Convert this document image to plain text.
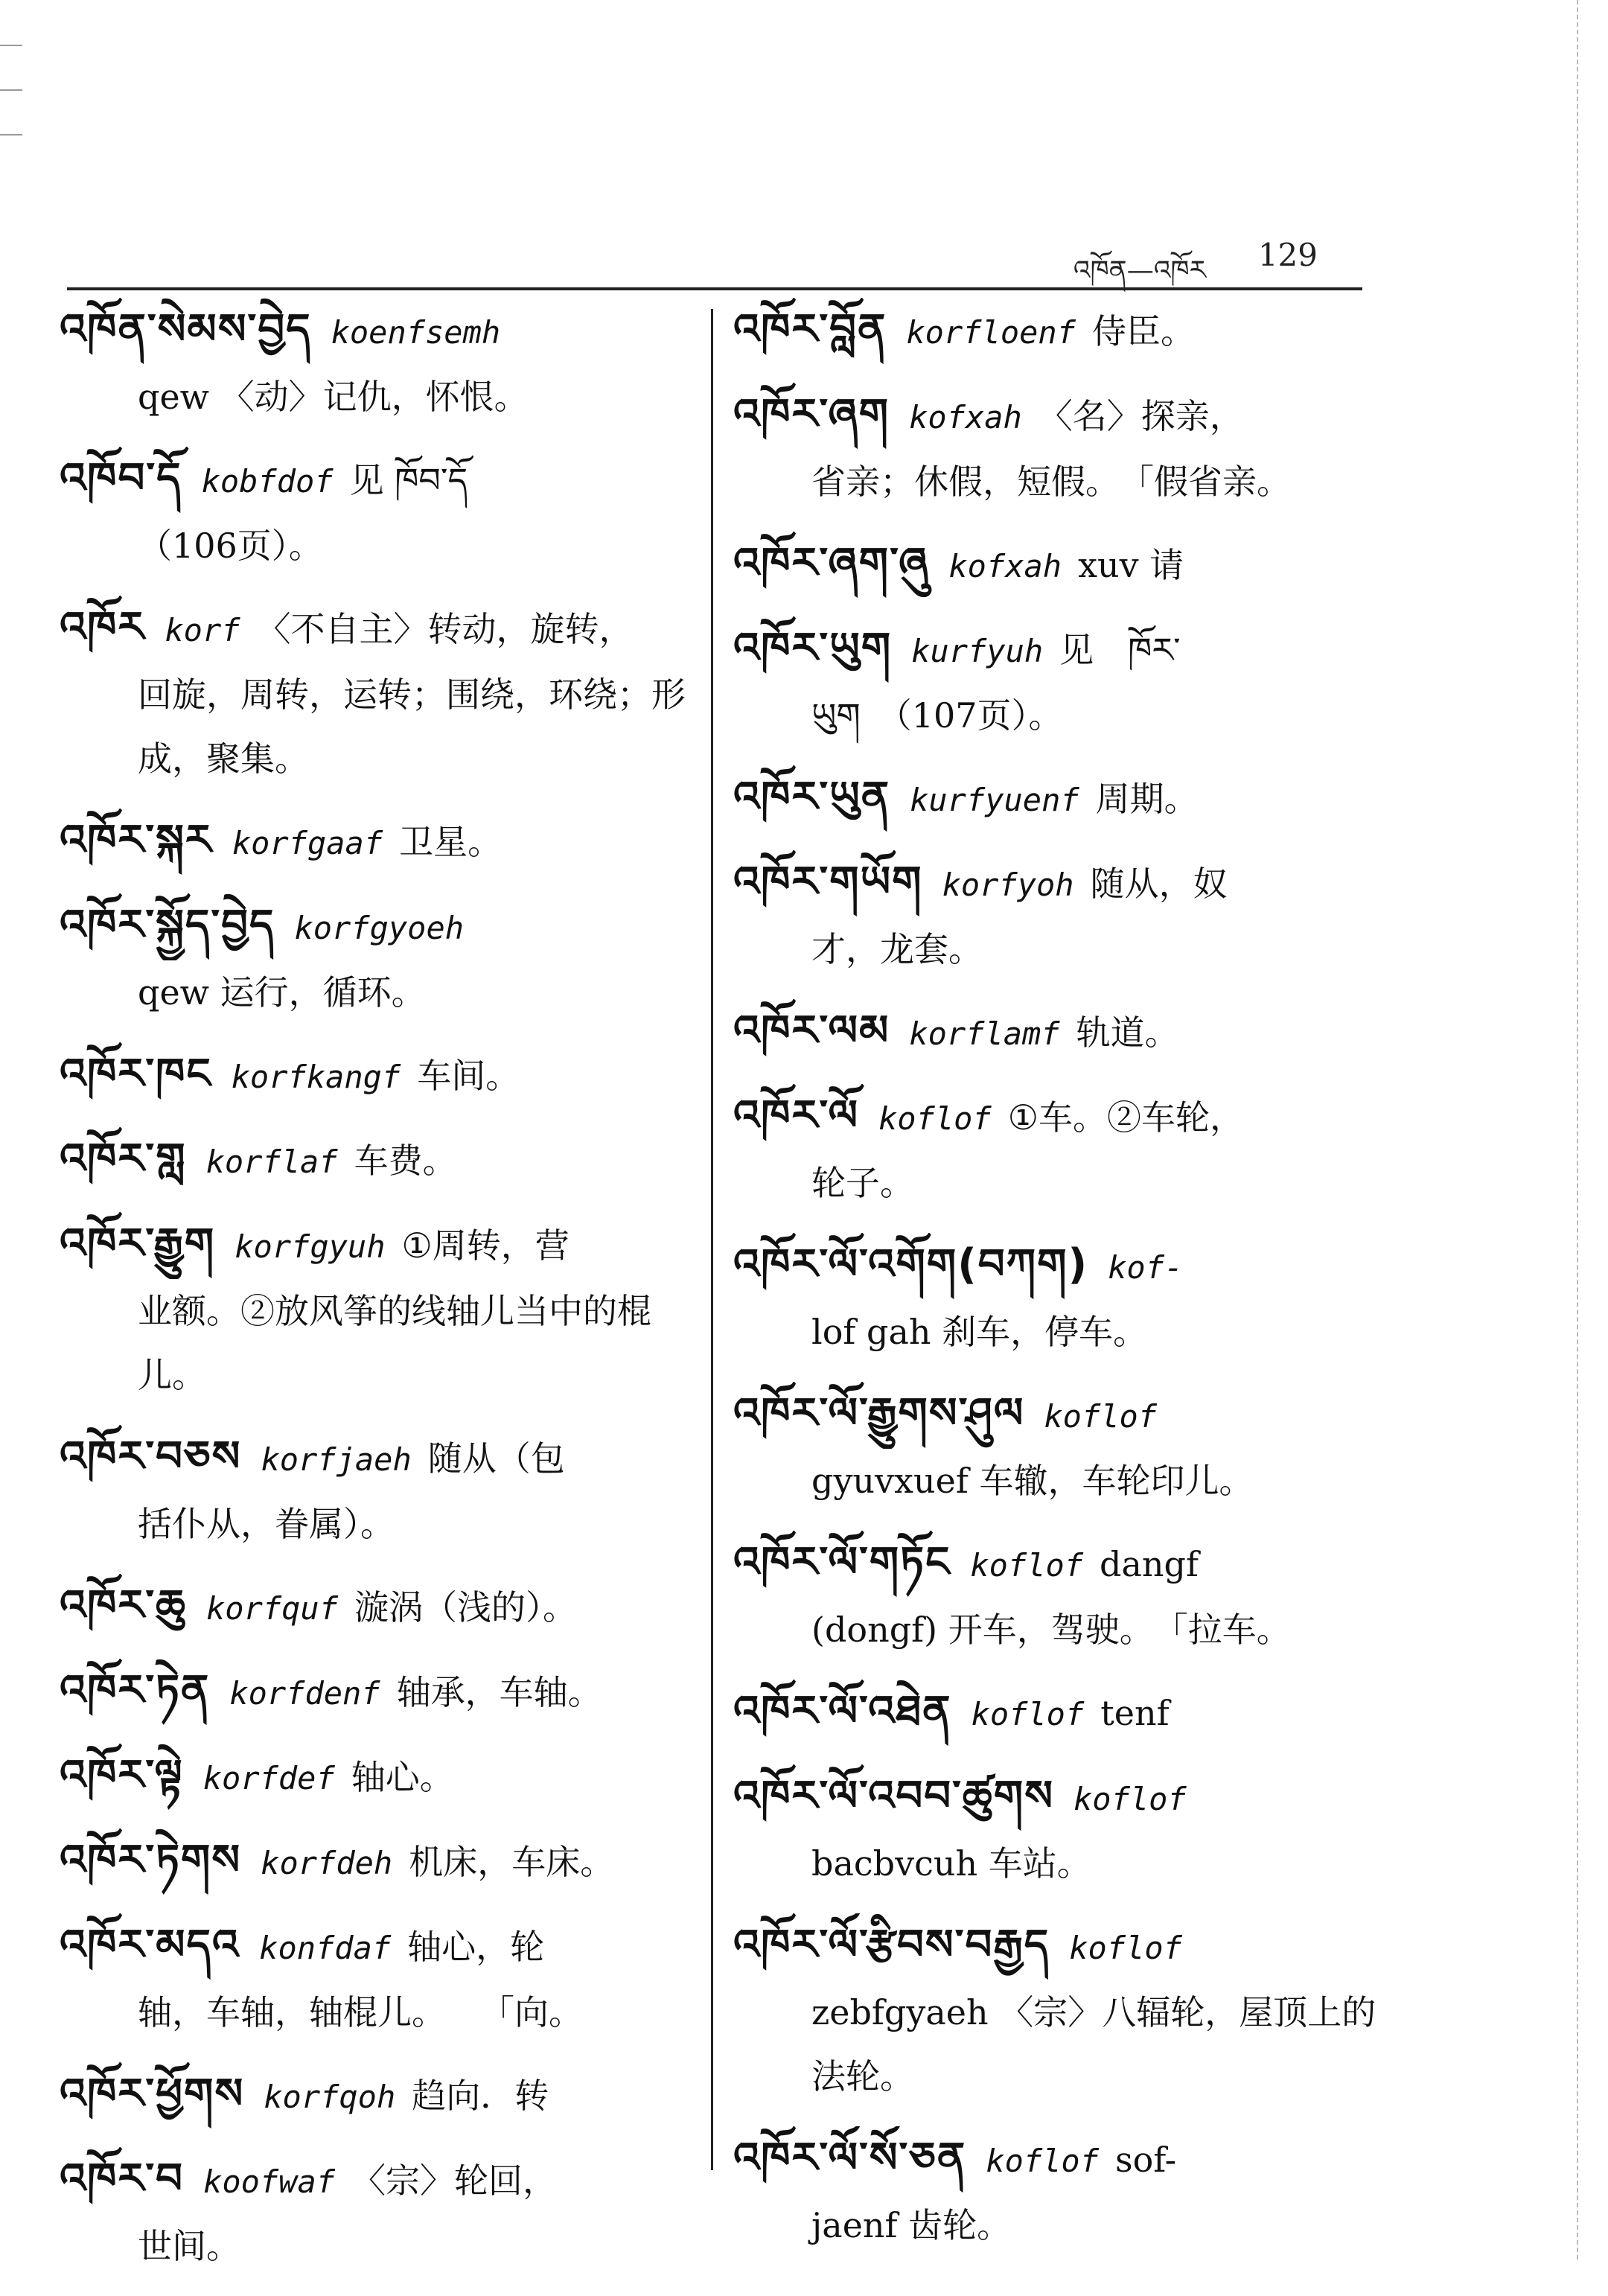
འཁོན—འཁོར 129
འཁོན་སེམས་བྱེད koenfsemh
qew 〈动〉记仇，怀恨。
འཁོབ་དོ kobfdof 见 ཁོབ་དོ
（106页）。
འཁོར korf 〈不自主〉转动，旋转，
回旋，周转，运转；围绕，环绕；形成，聚集。
འཁོར་སྐར korfgaaf 卫星。
འཁོར་སྐྱོད་བྱེད korfgyoeh
qew 运行，循环。
འཁོར་ཁང korfkangf 车间。
འཁོར་གླ korflaf 车费。
འཁོར་རྒྱུག korfgyuh ①周转，营
业额。②放风筝的线轴儿当中的棍儿。
འཁོར་བཅས korfjaeh 随从（包
括仆从，眷属）。
འཁོར་ཆུ korfquf 漩涡（浅的）。
འཁོར་ཏེན korfdenf 轴承，车轴。
འཁོར་ལྟེ korfdef 轴心。
འཁོར་ཏེགས korfdeh 机床，车床。
འཁོར་མདའ konfdaf 轴心，轮
轴，车轴，轴棍儿。　　「向。
འཁོར་ཕྱོགས korfqoh 趋向．转
འཁོར་བ koofwaf 〈宗〉轮回，
世间。
འཁོར་བློན korfloenf 侍臣。
འཁོར་ཞག kofxah 〈名〉探亲，
省亲；休假，短假。　「假省亲。
འཁོར་ཞག་ཞུ kofxah xuv 请
འཁོར་ཡུག kurfyuh 见　ཁོར་
ཡུག　（107页）。
འཁོར་ཡུན kurfyuenf 周期。
འཁོར་གཡོག korfyoh 随从，奴
才，龙套。
འཁོར་ལམ korflamf 轨道。
འཁོར་ལོ koflof ①车。②车轮，
轮子。
འཁོར་ལོ་འགོག(བཀག) kof-
lof gah 刹车，停车。
འཁོར་ལོ་རྒྱུགས་ཤུལ koflof
gyuvxuef 车辙，车轮印儿。
འཁོར་ལོ་གཏོང koflof dangf
(dongf) 开车，驾驶。　「拉车。
འཁོར་ལོ་འཐེན koflof tenf
འཁོར་ལོ་འབབ་ཚུགས koflof
bacbvcuh 车站。
འཁོར་ལོ་རྩིབས་བརྒྱད koflof
zebfgyaeh 〈宗〉八辐轮，屋顶上的法轮。
འཁོར་ལོ་སོ་ཅན koflof sof-
jaenf 齿轮。
